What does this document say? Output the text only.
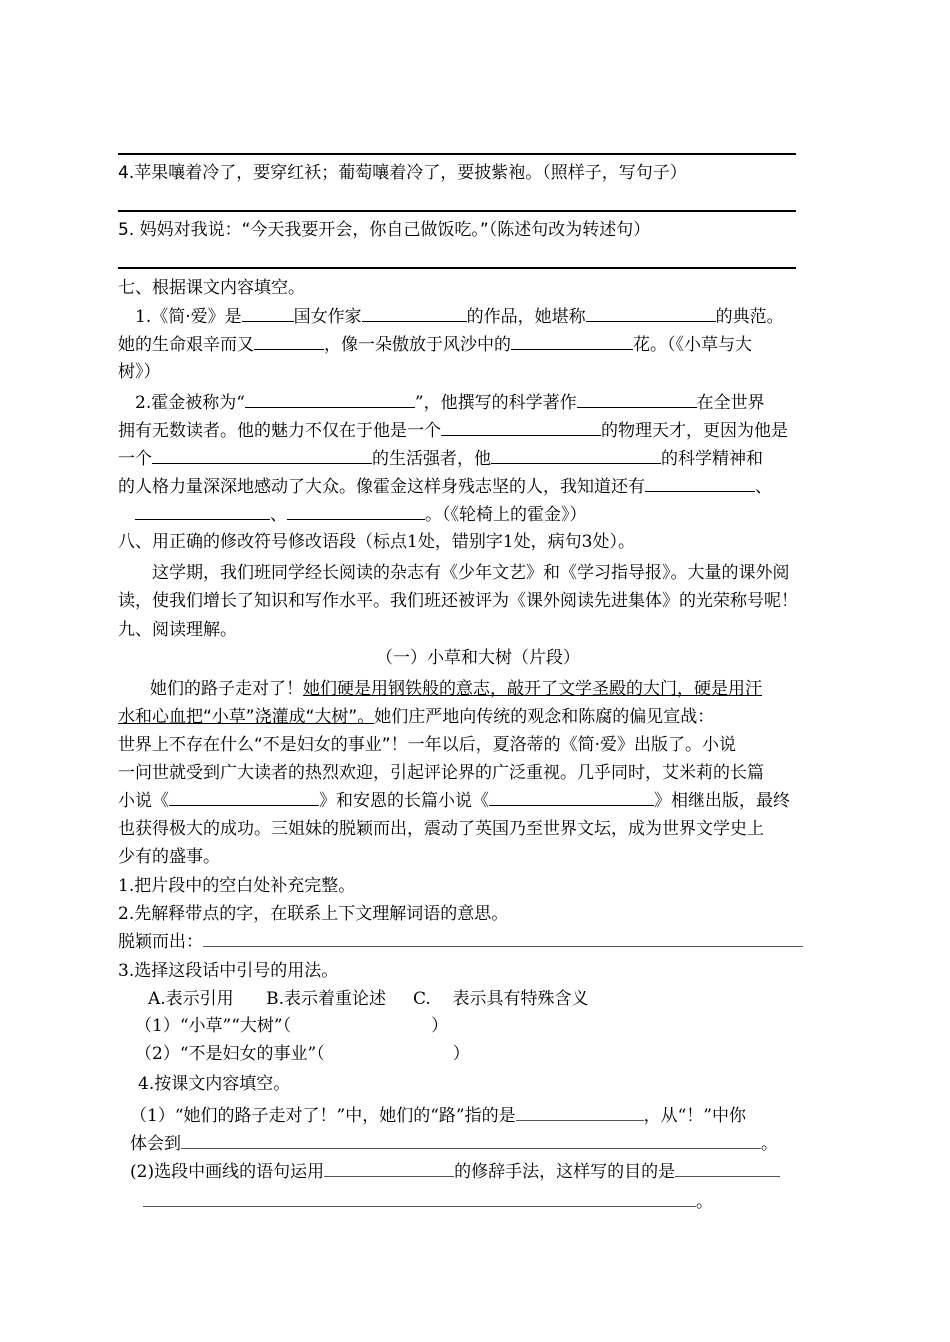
4.苹果嚷着冷了，要穿红袄；葡萄嚷着冷了，要披紫袍。（照样子，写句子）
5. 妈妈对我说：“今天我要开会，你自己做饭吃。”（陈述句改为转述句）
七、根据课文内容填空。
1.《简·爱》是	国女作家	的作品，她堪称	的典范。
她的生命艰辛而又	，像一朵傲放于风沙中的	花。（《小草与大
树》）
2.霍金被称为“	”，他撰写的科学著作	在全世界
拥有无数读者。他的魅力不仅在于他是一个	的物理天才，更因为他是
一个	的生活强者，他	的科学精神和
的人格力量深深地感动了大众。像霍金这样身残志坚的人，我知道还有	、
、	。（《轮椅上的霍金》）
八、用正确的修改符号修改语段（标点1处，错别字1处，病句3处）。
这学期，我们班同学经长阅读的杂志有《少年文艺》和《学习指导报》。大量的课外阅
读，使我们增长了知识和写作水平。我们班还被评为《课外阅读先进集体》的光荣称号呢！
九、阅读理解。
（一）小草和大树（片段）
她们的路子走对了！她们硬是用钢铁般的意志，敲开了文学圣殿的大门，硬是用汗
水和心血把“小草”浇灌成“大树”。她们庄严地向传统的观念和陈腐的偏见宣战：
世界上不存在什么“不是妇女的事业”！一年以后，夏洛蒂的《简·爱》出版了。小说
一问世就受到广大读者的热烈欢迎，引起评论界的广泛重视。几乎同时，艾米莉的长篇
小说《	》和安恩的长篇小说《	》相继出版，最终
也获得极大的成功。三姐妹的脱颖而出，震动了英国乃至世界文坛，成为世界文学史上
少有的盛事。
1.把片段中的空白处补充完整。
2.先解释带点的字，在联系上下文理解词语的意思。
脱颖而出：
3.选择这段话中引号的用法。
A.表示引用      B.表示着重论述     C.    表示具有特殊含义
（1）“小草”“大树”（	）
（2）“不是妇女的事业”（	）
4.按课文内容填空。
（1）“她们的路子走对了！”中，她们的“路”指的是	，从“！”中你
体会到	。
(2)选段中画线的语句运用	的修辞手法，这样写的目的是
。
